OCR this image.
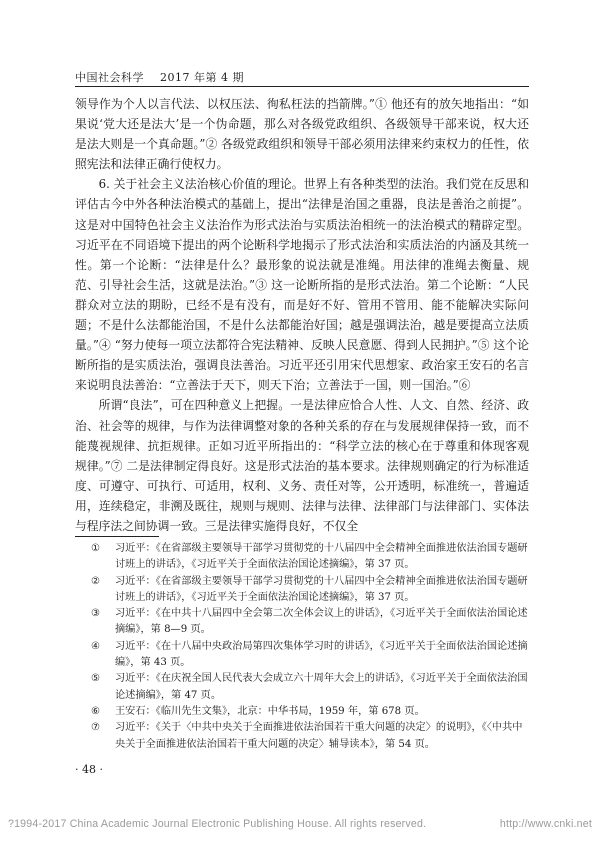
中国社会科学 2017 年第 4 期

领导作为个人以言代法、以权压法、徇私枉法的挡箭牌。”① 他还有的放矢地指出：“如果说‘党大还是法大’是一个伪命题，那么对各级党政组织、各级领导干部来说，权大还是法大则是一个真命题。”② 各级党政组织和领导干部必须用法律来约束权力的任性，依照宪法和法律正确行使权力。

6. 关于社会主义法治核心价值的理论。世界上有各种类型的法治。我们党在反思和评估古今中外各种法治模式的基础上，提出“法律是治国之重器，良法是善治之前提”。这是对中国特色社会主义法治作为形式法治与实质法治相统一的法治模式的精辟定型。习近平在不同语境下提出的两个论断科学地揭示了形式法治和实质法治的内涵及其统一性。第一个论断：“法律是什么？最形象的说法就是准绳。用法律的准绳去衡量、规范、引导社会生活，这就是法治。”③ 这一论断所指的是形式法治。第二个论断：“人民群众对立法的期盼，已经不是有没有，而是好不好、管用不管用、能不能解决实际问题；不是什么法都能治国，不是什么法都能治好国；越是强调法治，越是要提高立法质量。”④ “努力使每一项立法都符合宪法精神、反映人民意愿、得到人民拥护。”⑤ 这个论断所指的是实质法治，强调良法善治。习近平还引用宋代思想家、政治家王安石的名言来说明良法善治：“立善法于天下，则天下治；立善法于一国，则一国治。”⑥

所谓“良法”，可在四种意义上把握。一是法律应恰合人性、人文、自然、经济、政治、社会等的规律，与作为法律调整对象的各种关系的存在与发展规律保持一致，而不能蔑视规律、抗拒规律。正如习近平所指出的：“科学立法的核心在于尊重和体现客观规律。”⑦ 二是法律制定得良好。这是形式法治的基本要求。法律规则确定的行为标准适度、可遵守、可执行、可适用，权利、义务、责任对等，公开透明，标准统一，普遍适用，连续稳定，非溯及既往，规则与规则、法律与法律、法律部门与法律部门、实体法与程序法之间协调一致。三是法律实施得良好，不仅全

①	习近平：《在省部级主要领导干部学习贯彻党的十八届四中全会精神全面推进依法治国专题研讨班上的讲话》，《习近平关于全面依法治国论述摘编》，第 37 页。
②	习近平：《在省部级主要领导干部学习贯彻党的十八届四中全会精神全面推进依法治国专题研讨班上的讲话》，《习近平关于全面依法治国论述摘编》，第 37 页。
③	习近平：《在中共十八届四中全会第二次全体会议上的讲话》，《习近平关于全面依法治国论述摘编》，第 8—9 页。
④	习近平：《在十八届中央政治局第四次集体学习时的讲话》，《习近平关于全面依法治国论述摘编》，第 43 页。
⑤	习近平：《在庆祝全国人民代表大会成立六十周年大会上的讲话》，《习近平关于全面依法治国论述摘编》，第 47 页。
⑥	王安石：《临川先生文集》，北京：中华书局，1959 年，第 678 页。
⑦	习近平：《关于〈中共中央关于全面推进依法治国若干重大问题的决定〉的说明》，《〈中共中央关于全面推进依法治国若干重大问题的决定〉辅导读本》，第 54 页。
· 48 ·
?1994-2017 China Academic Journal Electronic Publishing House. All rights reserved.	http://www.cnki.net
